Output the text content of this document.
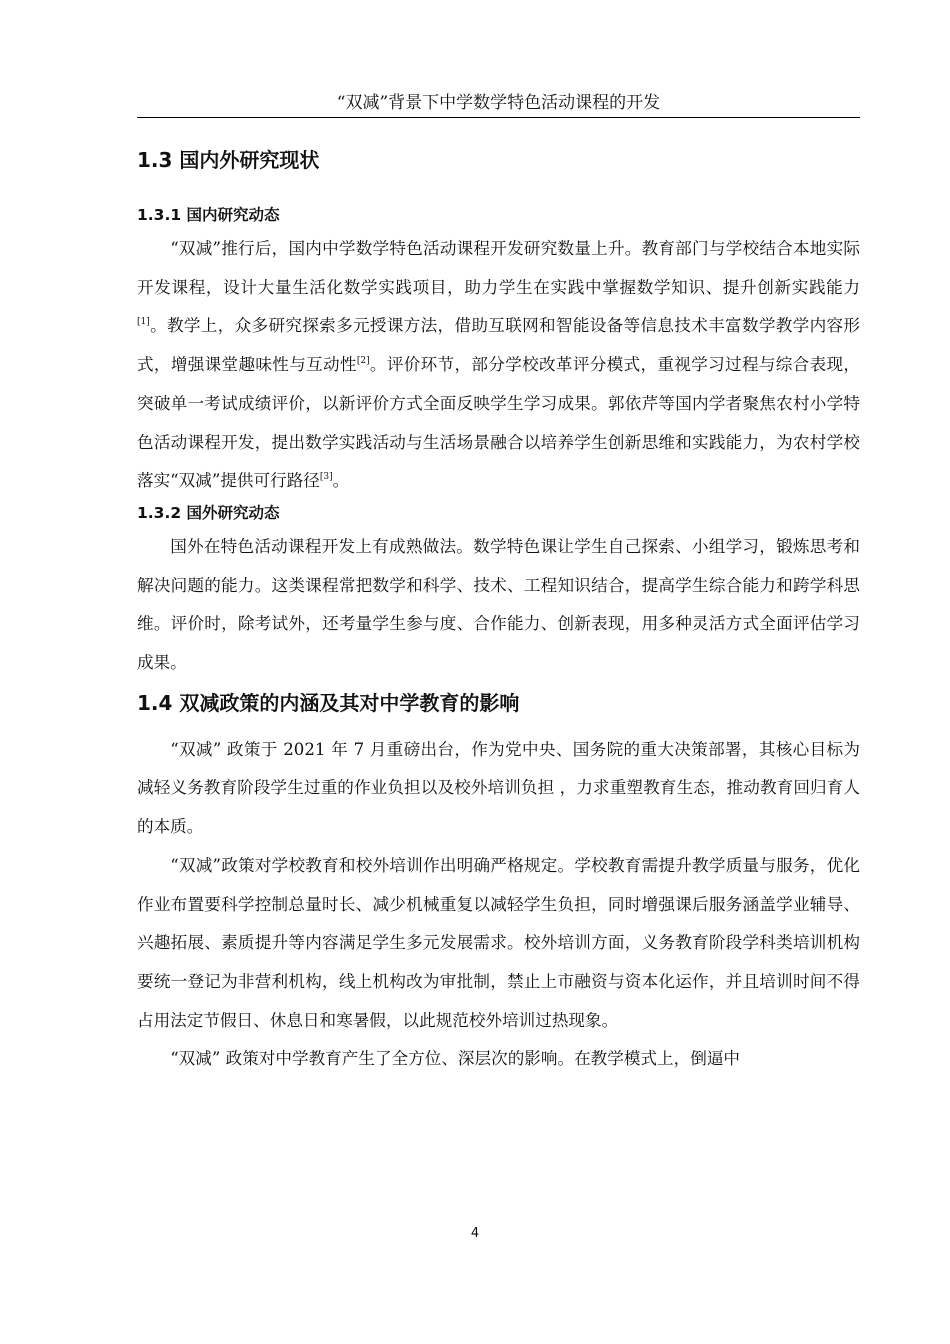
“双减”背景下中学数学特色活动课程的开发
1.3 国内外研究现状
1.3.1 国内研究动态

“双减”推行后，国内中学数学特色活动课程开发研究数量上升。教育部门与学校结合本地实际开发课程，设计大量生活化数学实践项目，助力学生在实践中掌握数学知识、提升创新实践能力[1]。教学上，众多研究探索多元授课方法，借助互联网和智能设备等信息技术丰富数学教学内容形式，增强课堂趣味性与互动性[2]。评价环节，部分学校改革评分模式，重视学习过程与综合表现，突破单一考试成绩评价，以新评价方式全面反映学生学习成果。郭依芹等国内学者聚焦农村小学特色活动课程开发，提出数学实践活动与生活场景融合以培养学生创新思维和实践能力，为农村学校落实“双减”提供可行路径[3]。

1.3.2 国外研究动态

国外在特色活动课程开发上有成熟做法。数学特色课让学生自己探索、小组学习，锻炼思考和解决问题的能力。这类课程常把数学和科学、技术、工程知识结合，提高学生综合能力和跨学科思维。评价时，除考试外，还考量学生参与度、合作能力、创新表现，用多种灵活方式全面评估学习成果。

1.4 双减政策的内涵及其对中学教育的影响

“双减” 政策于 2021 年 7 月重磅出台，作为党中央、国务院的重大决策部署，其核心目标为减轻义务教育阶段学生过重的作业负担以及校外培训负担 ，力求重塑教育生态，推动教育回归育人的本质。

“双减”政策对学校教育和校外培训作出明确严格规定。学校教育需提升教学质量与服务，优化作业布置要科学控制总量时长、减少机械重复以减轻学生负担，同时增强课后服务涵盖学业辅导、兴趣拓展、素质提升等内容满足学生多元发展需求。校外培训方面，义务教育阶段学科类培训机构要统一登记为非营利机构，线上机构改为审批制，禁止上市融资与资本化运作，并且培训时间不得占用法定节假日、休息日和寒暑假，以此规范校外培训过热现象。

“双减” 政策对中学教育产生了全方位、深层次的影响。在教学模式上，倒逼中

4
